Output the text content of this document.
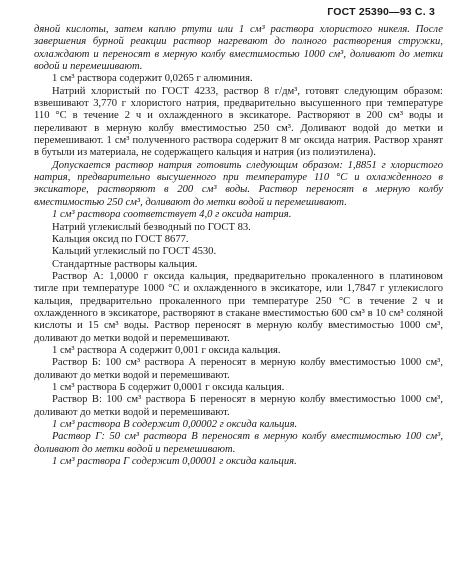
ГОСТ 25390—93 С. 3

дяной кислоты, затем каплю ртути или 1 см³ раствора хлористого никеля. После завершения бурной реакции раствор нагревают до полного растворения стружки, охлаждают и переносят в мерную колбу вместимостью 1000 см³, доливают до метки водой и перемешивают.

1 см³ раствора содержит 0,0265 г алюминия.

Натрий хлористый по ГОСТ 4233, раствор 8 г/дм³, готовят следующим образом: взвешивают 3,770 г хлористого натрия, предварительно высушенного при температуре 110 °С в течение 2 ч и охлажденного в эксикаторе. Растворяют в 200 см³ воды и переливают в мерную колбу вместимостью 250 см³. Доливают водой до метки и перемешивают. 1 см³ полученного раствора содержит 8 мг оксида натрия. Раствор хранят в бутыли из материала, не содержащего кальция и натрия (из полиэтилена).

Допускается раствор натрия готовить следующим образом: 1,8851 г хлористого натрия, предварительно высушенного при температуре 110 °С и охлажденного в эксикаторе, растворяют в 200 см³ воды. Раствор переносят в мерную колбу вместимостью 250 см³, доливают до метки водой и перемешивают.

1 см³ раствора соответствует 4,0 г оксида натрия.

Натрий углекислый безводный по ГОСТ 83.

Кальция оксид по ГОСТ 8677.

Кальций углекислый по ГОСТ 4530.

Стандартные растворы кальция.

Раствор А: 1,0000 г оксида кальция, предварительно прокаленного в платиновом тигле при температуре 1000 °С и охлажденного в эксикаторе, или 1,7847 г углекислого кальция, предварительно прокаленного при температуре 250 °С в течение 2 ч и охлажденного в эксикаторе, растворяют в стакане вместимостью 600 см³ в 10 см³ соляной кислоты и 15 см³ воды. Раствор переносят в мерную колбу вместимостью 1000 см³, доливают до метки водой и перемешивают.

1 см³ раствора А содержит 0,001 г оксида кальция.

Раствор Б: 100 см³ раствора А переносят в мерную колбу вместимостью 1000 см³, доливают до метки водой и перемешивают.

1 см³ раствора Б содержит 0,0001 г оксида кальция.

Раствор В: 100 см³ раствора Б переносят в мерную колбу вместимостью 1000 см³, доливают до метки водой и перемешивают.

1 см³ раствора В содержит 0,00002 г оксида кальция.

Раствор Г: 50 см³ раствора В переносят в мерную колбу вместимостью 100 см³, доливают до метки водой и перемешивают.

1 см³ раствора Г содержит 0,00001 г оксида кальция.
